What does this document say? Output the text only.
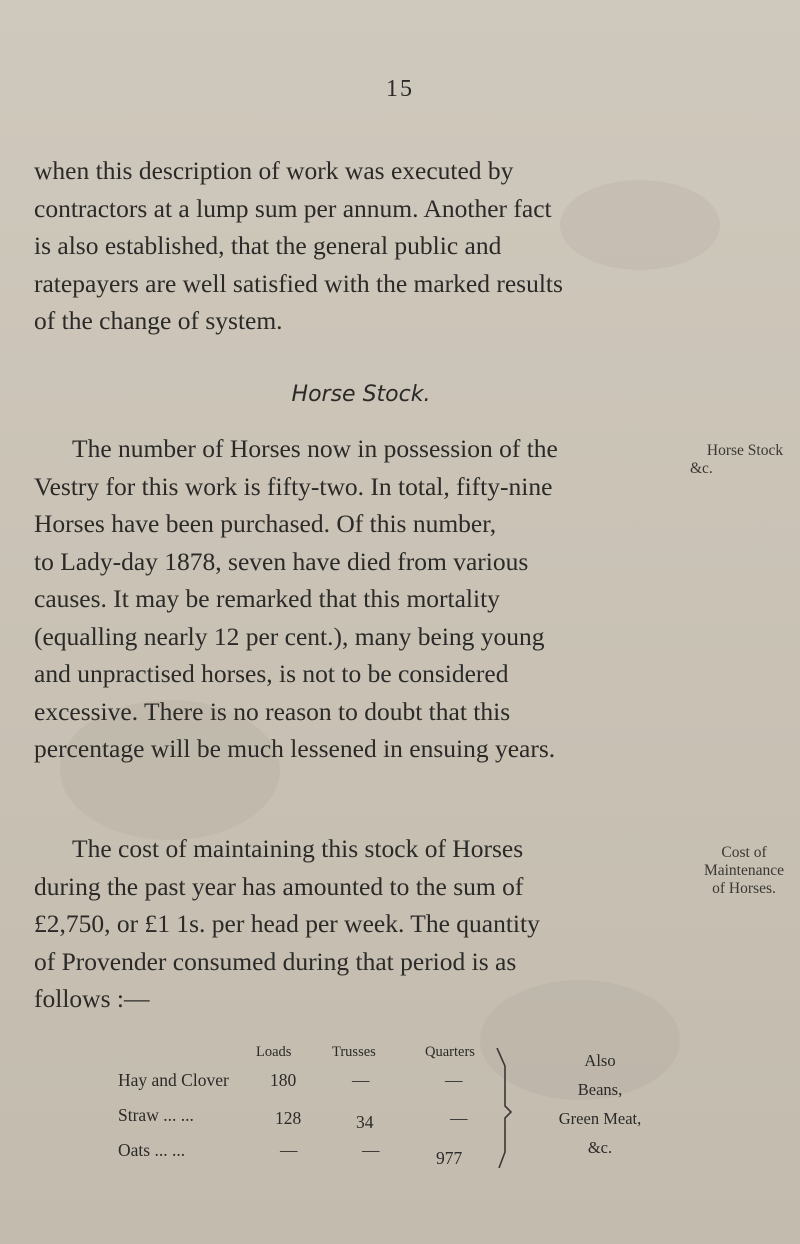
15

when this description of work was executed by
contractors at a lump sum per annum. Another fact
is also established, that the general public and
ratepayers are well satisfied with the marked results
of the change of system.

Horse Stock.

The number of Horses now in possession of the
Vestry for this work is fifty-two. In total, fifty-nine
Horses have been purchased. Of this number,
to Lady-day 1878, seven have died from various
causes. It may be remarked that this mortality
(equalling nearly 12 per cent.), many being young
and unpractised horses, is not to be considered
excessive. There is no reason to doubt that this
percentage will be much lessened in ensuing years.

Horse Stock
&c.

The cost of maintaining this stock of Horses
during the past year has amounted to the sum of
£2,750, or £1 1s. per head per week. The quantity
of Provender consumed during that period is as
follows :—

Cost of
Maintenance
of Horses.
Loads	Trusses	Quarters
Hay and Clover 180	—	—
Straw ... ...	128	34	—
Oats ... ...	—	—	977
Also
Beans,
Green Meat,
&c.
